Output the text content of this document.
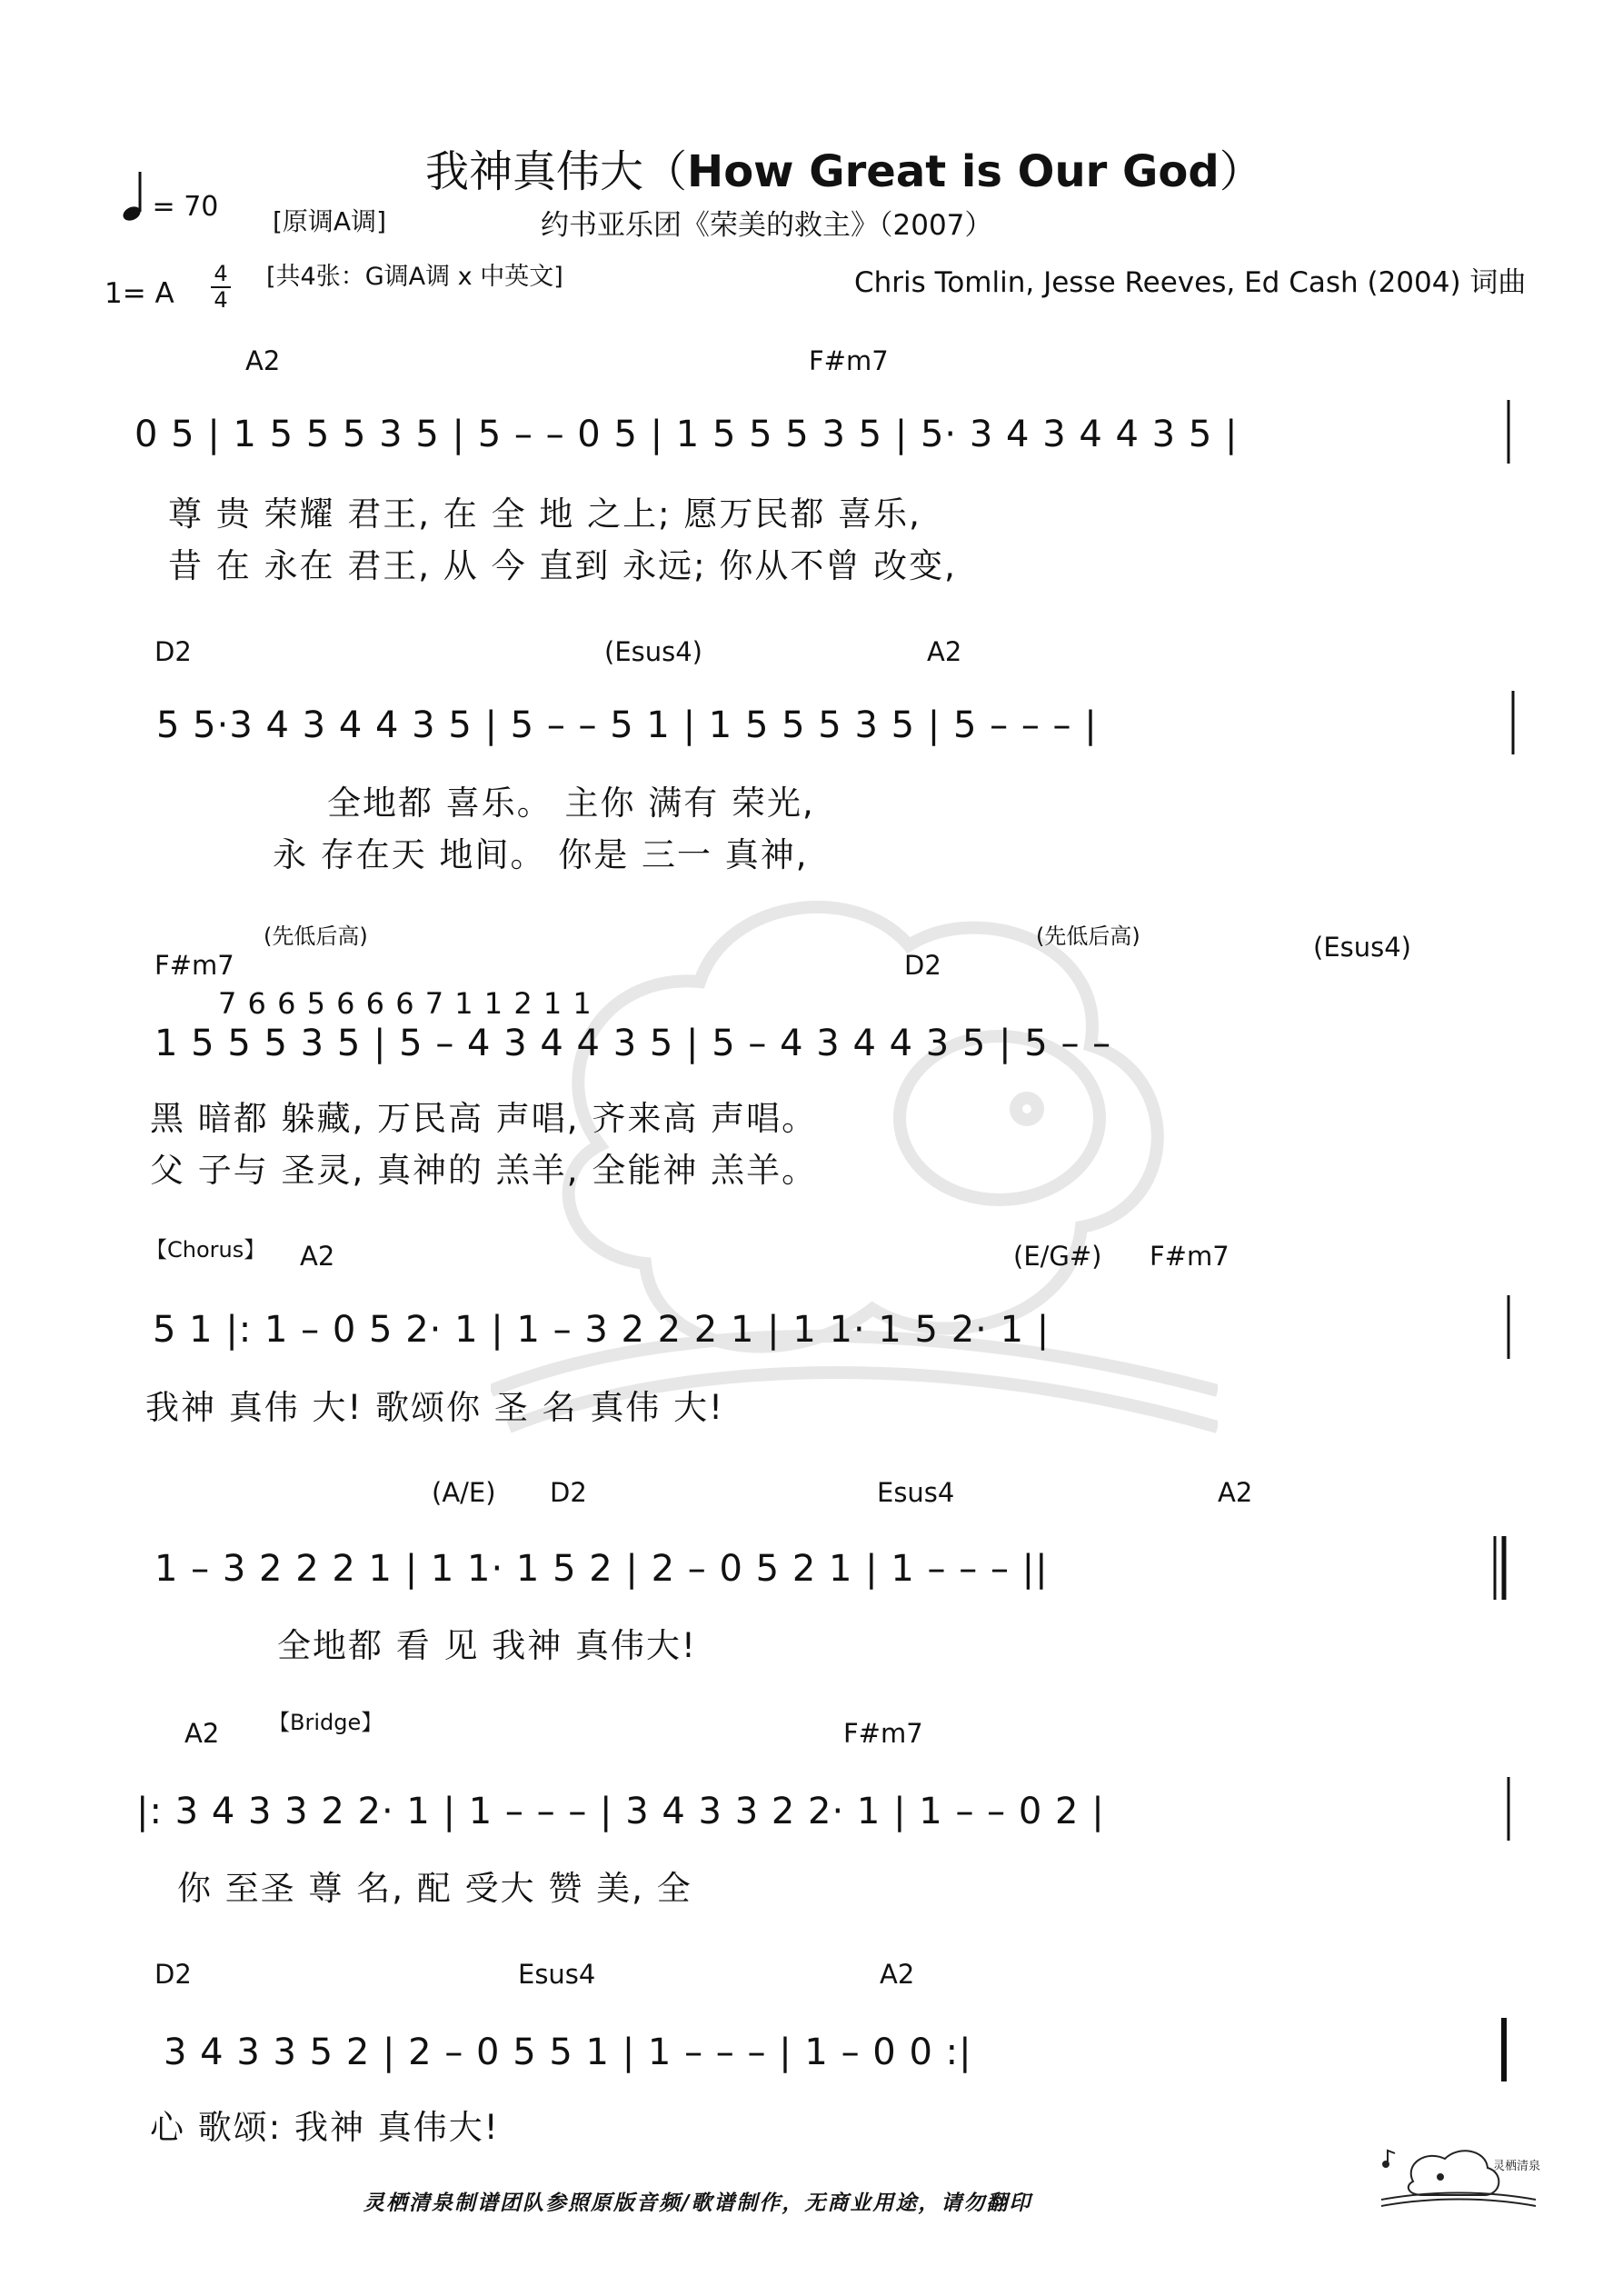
= 70
我神真伟大（How Great is Our God）
[原调A调]	约书亚乐团《荣美的救主》（2007）
1= A
4
4
[共4张：G调A调 x 中英文]	Chris Tomlin, Jesse Reeves, Ed Cash (2004) 词曲
A2	F#m7
0 5 | 1 5 5 5 3 5 | 5 – – 0 5 | 1 5 5 5 3 5 | 5· 3 4 3 4 4 3 5 |
尊 贵 荣耀 君王, 在 全 地 之上; 愿万民都 喜乐,
昔 在 永在 君王, 从 今 直到 永远; 你从不曾 改变,
D2	(Esus4)	A2
5 5·3 4 3 4 4 3 5 | 5 – – 5 1 | 1 5 5 5 3 5 | 5 – – – |
全地都 喜乐。 主你 满有 荣光,
永 存在天 地间。 你是 三一 真神,
(先低后高)	(先低后高)
F#m7	D2
(Esus4)
7 6 6 5 6 6 6 7 1 1 2 1 1
1 5 5 5 3 5 | 5 – 4 3 4 4 3 5 | 5 – 4 3 4 4 3 5 | 5 – –
黑 暗都 躲藏, 万民高 声唱, 齐来高 声唱。
父 子与 圣灵, 真神的 羔羊, 全能神 羔羊。
【Chorus】 A2	(E/G#) F#m7
5 1 |: 1 – 0 5 2· 1 | 1 – 3 2 2 2 1 | 1 1· 1 5 2· 1 |
我神 真伟 大! 歌颂你 圣 名 真伟 大!
(A/E) D2	Esus4	A2
1 – 3 2 2 2 1 | 1 1· 1 5 2 | 2 – 0 5 2 1 | 1 – – – ||
全地都 看 见 我神 真伟大!
A2 【Bridge】	F#m7
|: 3 4 3 3 2 2· 1 | 1 – – – | 3 4 3 3 2 2· 1 | 1 – – 0 2 |
你 至圣 尊 名, 配 受大 赞 美, 全
D2	Esus4	A2
3 4 3 3 5 2 | 2 – 0 5 5 1 | 1 – – – | 1 – 0 0 :|
心 歌颂: 我神 真伟大!
灵栖清泉制谱团队参照原版音频/歌谱制作，无商业用途，请勿翻印
灵栖清泉
